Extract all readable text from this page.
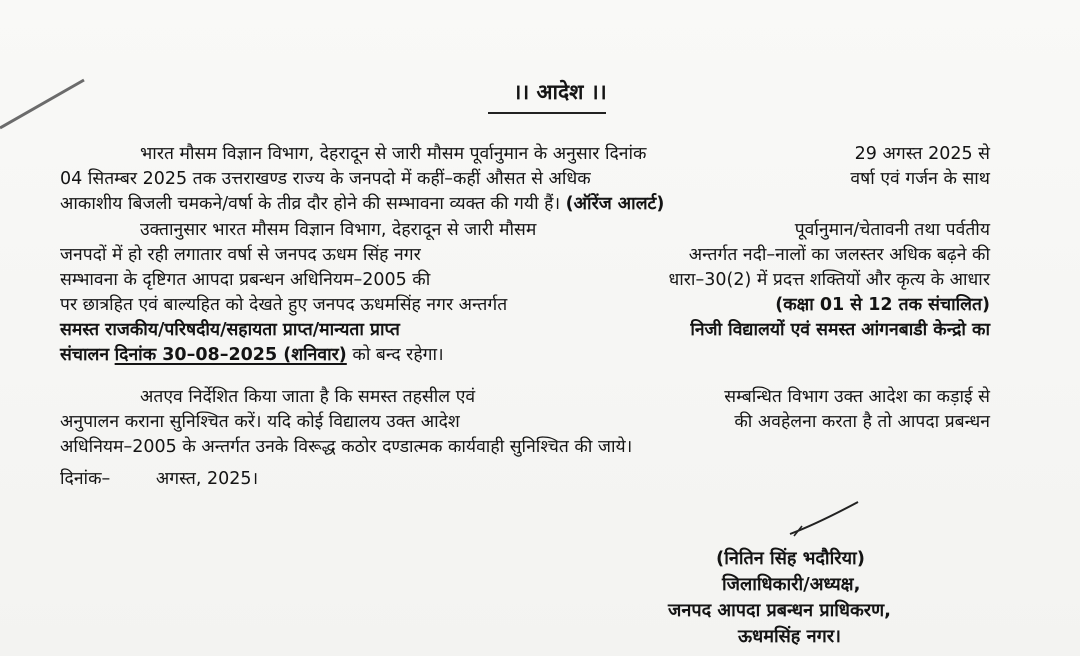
।। आदेश ।।
भारत मौसम विज्ञान विभाग, देहरादून से जारी मौसम पूर्वानुमान के अनुसार दिनांक	29 अगस्त 2025 से
04 सितम्बर 2025 तक उत्तराखण्ड राज्य के जनपदो में कहीं–कहीं औसत से अधिक	वर्षा एवं गर्जन के साथ
आकाशीय बिजली चमकने/वर्षा के तीव्र दौर होने की सम्भावना व्यक्त की गयी हैं। (ऑरेंज आलर्ट)
उक्तानुसार भारत मौसम विज्ञान विभाग, देहरादून से जारी मौसम	पूर्वानुमान/चेतावनी तथा पर्वतीय
जनपदों में हो रही लगातार वर्षा से जनपद ऊधम सिंह नगर	अन्तर्गत नदी–नालों का जलस्तर अधिक बढ़ने की
सम्भावना के दृष्टिगत आपदा प्रबन्धन अधिनियम–2005 की	धारा–30(2) में प्रदत्त शक्तियों और कृत्य के आधार
पर छात्रहित एवं बाल्यहित को देखते हुए जनपद ऊधमसिंह नगर अन्तर्गत	(कक्षा 01 से 12 तक संचालित)
समस्त राजकीय/परिषदीय/सहायता प्राप्त/मान्यता प्राप्त	निजी विद्यालयों एवं समस्त आंगनबाडी केन्द्रो का
संचालन दिनांक 30–08–2025 (शनिवार) को बन्द रहेगा।
अतएव निर्देशित किया जाता है कि समस्त तहसील एवं	सम्बन्धित विभाग उक्त आदेश का कड़ाई से
अनुपालन कराना सुनिश्चित करें। यदि कोई विद्यालय उक्त आदेश	की अवहेलना करता है तो आपदा प्रबन्धन
अधिनियम–2005 के अन्तर्गत उनके विरूद्ध कठोर दण्डात्मक कार्यवाही सुनिश्चित की जाये।
दिनांक–	अगस्त, 2025।
(नितिन सिंह भदौरिया)
जिलाधिकारी/अध्यक्ष,
जनपद आपदा प्रबन्धन प्राधिकरण,
ऊधमसिंह नगर।
